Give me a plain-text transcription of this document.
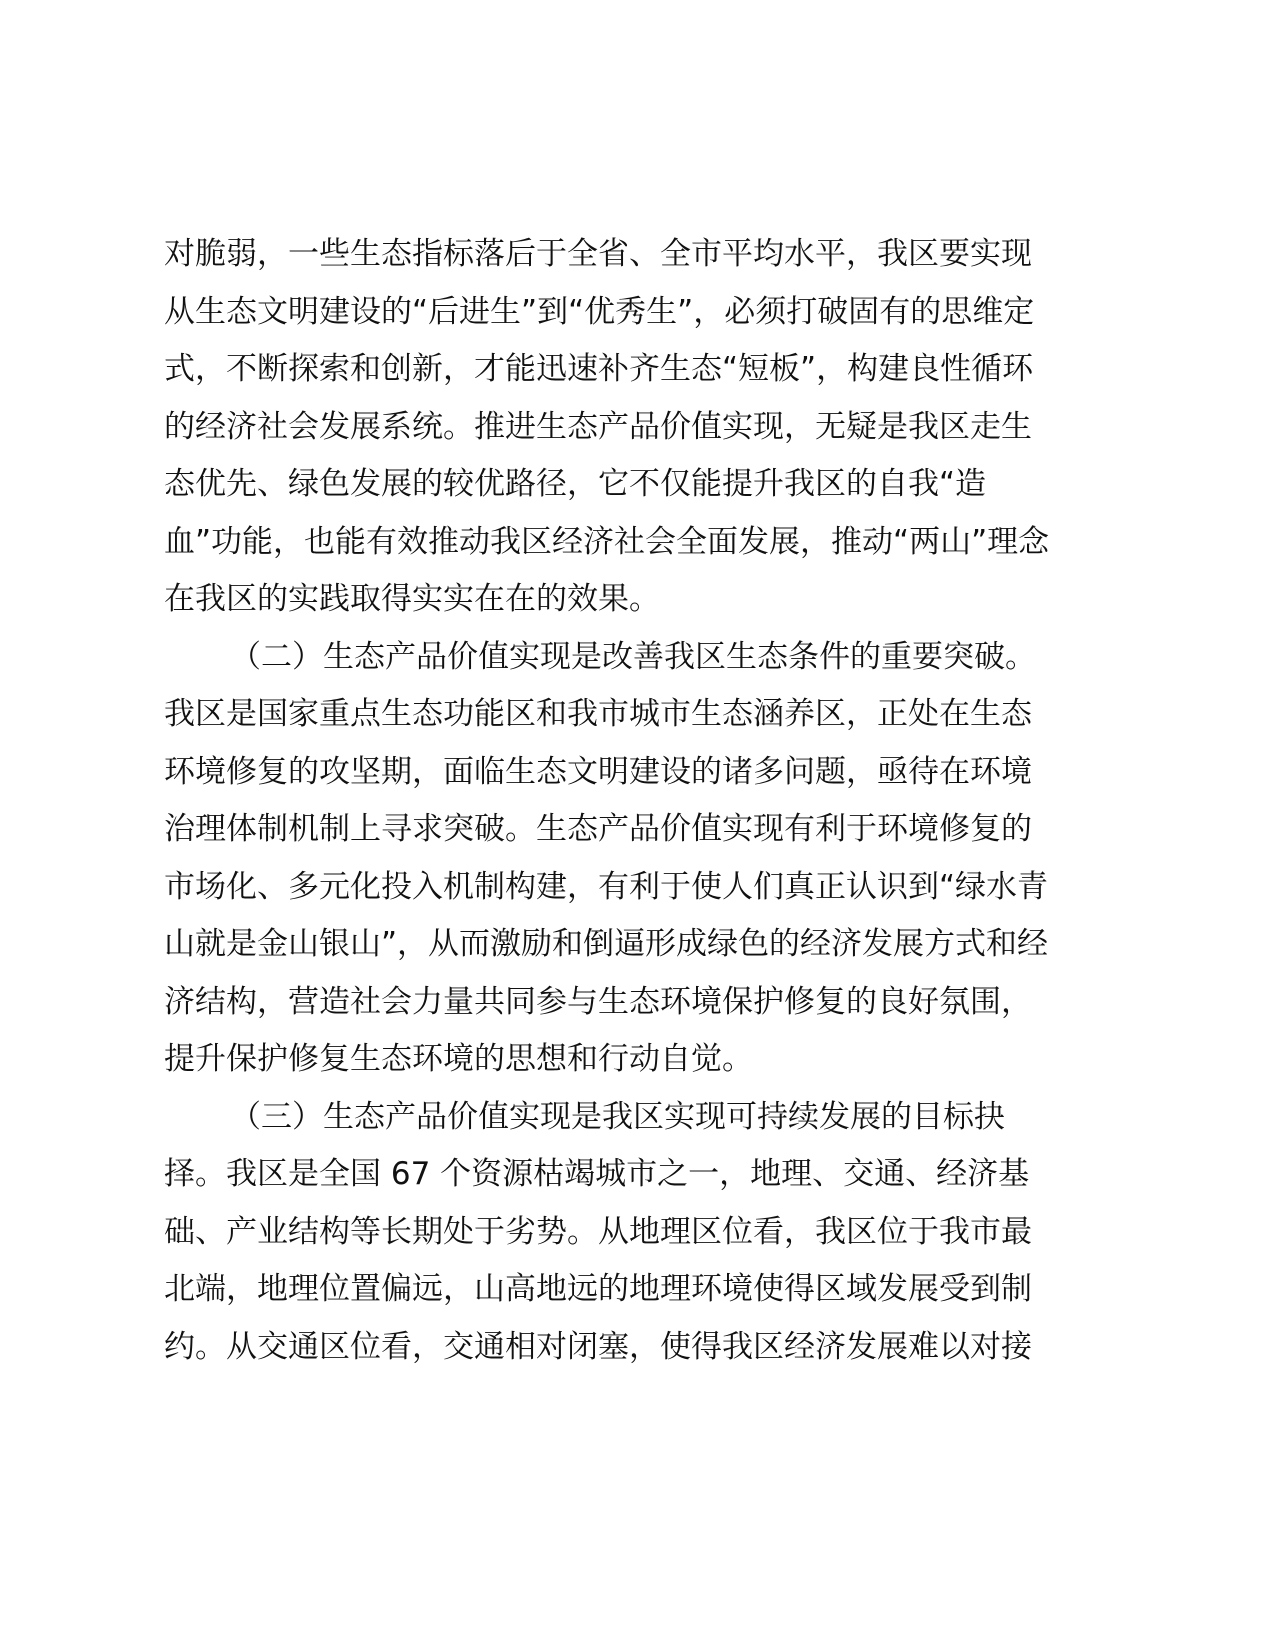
对脆弱，一些生态指标落后于全省、全市平均水平，我区要实现
从生态文明建设的“后进生”到“优秀生”，必须打破固有的思维定
式，不断探索和创新，才能迅速补齐生态“短板”，构建良性循环
的经济社会发展系统。推进生态产品价值实现，无疑是我区走生
态优先、绿色发展的较优路径，它不仅能提升我区的自我“造
血”功能，也能有效推动我区经济社会全面发展，推动“两山”理念
在我区的实践取得实实在在的效果。
（二）生态产品价值实现是改善我区生态条件的重要突破。
我区是国家重点生态功能区和我市城市生态涵养区，正处在生态
环境修复的攻坚期，面临生态文明建设的诸多问题，亟待在环境
治理体制机制上寻求突破。生态产品价值实现有利于环境修复的
市场化、多元化投入机制构建，有利于使人们真正认识到“绿水青
山就是金山银山”，从而激励和倒逼形成绿色的经济发展方式和经
济结构，营造社会力量共同参与生态环境保护修复的良好氛围，
提升保护修复生态环境的思想和行动自觉。
（三）生态产品价值实现是我区实现可持续发展的目标抉
择。我区是全国 67 个资源枯竭城市之一，地理、交通、经济基
础、产业结构等长期处于劣势。从地理区位看，我区位于我市最
北端，地理位置偏远，山高地远的地理环境使得区域发展受到制
约。从交通区位看，交通相对闭塞，使得我区经济发展难以对接
